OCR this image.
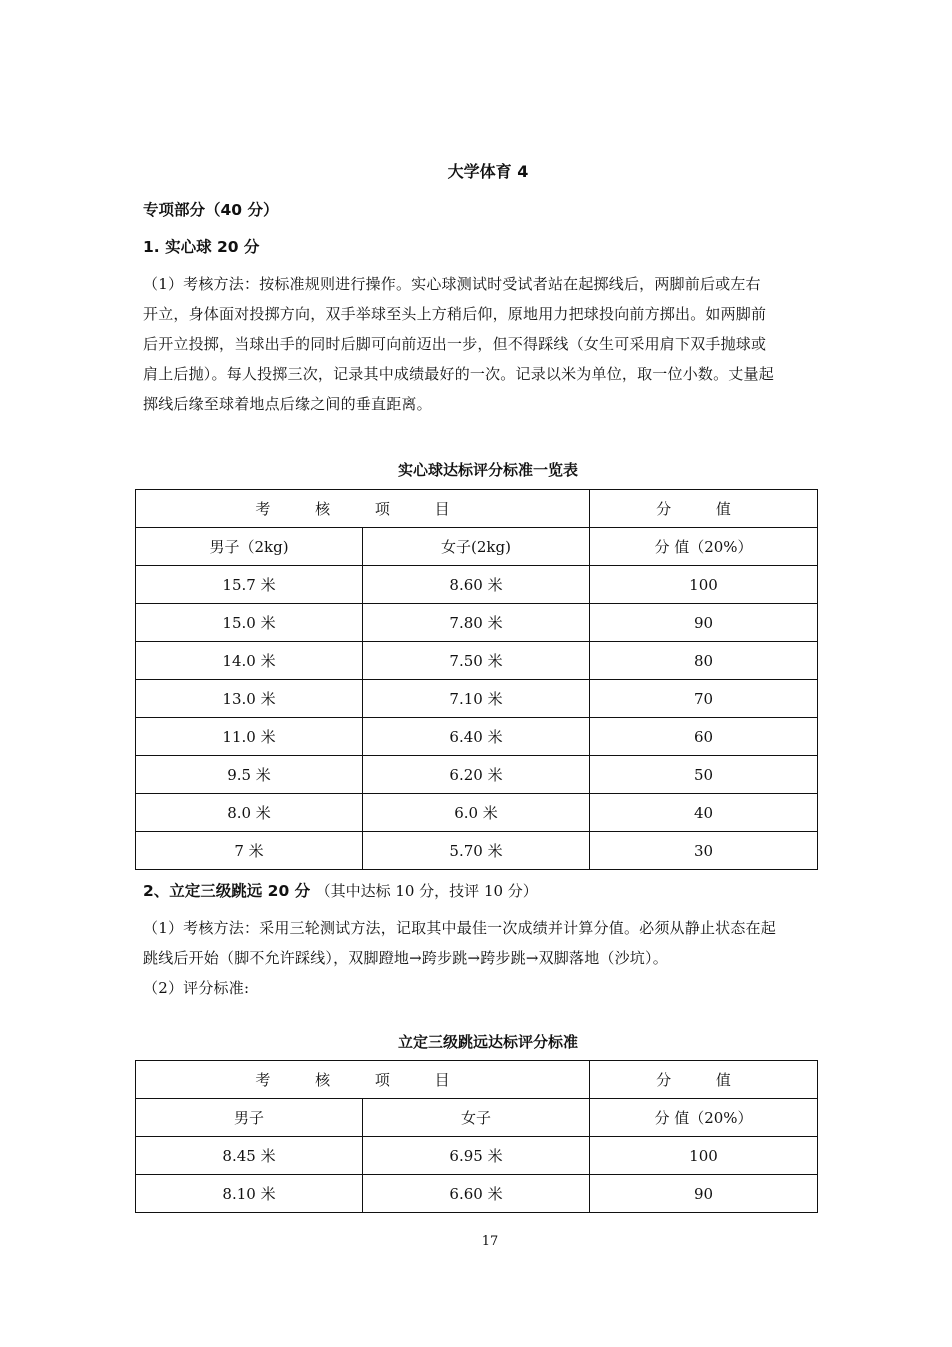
大学体育 4
专项部分（40 分）
1. 实心球 20 分
（1）考核方法：按标准规则进行操作。实心球测试时受试者站在起掷线后，两脚前后或左右
开立，身体面对投掷方向，双手举球至头上方稍后仰，原地用力把球投向前方掷出。如两脚前
后开立投掷，当球出手的同时后脚可向前迈出一步，但不得踩线（女生可采用肩下双手抛球或
肩上后抛）。每人投掷三次，记录其中成绩最好的一次。记录以米为单位，取一位小数。丈量起
掷线后缘至球着地点后缘之间的垂直距离。
实心球达标评分标准一览表
考 核 项 目		分 值
男子（2kg)	女子(2kg)	分 值（20%）
15.7 米	8.60 米	100
15.0 米	7.80 米	90
14.0 米	7.50 米	80
13.0 米	7.10 米	70
11.0 米	6.40 米	60
9.5 米	6.20 米	50
8.0 米	6.0 米	40
7 米	5.70 米	30
2、立定三级跳远 20 分 （其中达标 10 分，技评 10 分）
（1）考核方法：采用三轮测试方法，记取其中最佳一次成绩并计算分值。必须从静止状态在起
跳线后开始（脚不允许踩线），双脚蹬地→跨步跳→跨步跳→双脚落地（沙坑）。
（2）评分标准:
立定三级跳远达标评分标准
考 核 项 目		分 值
男子	女子	分 值（20%）
8.45 米	6.95 米	100
8.10 米	6.60 米	90
17
